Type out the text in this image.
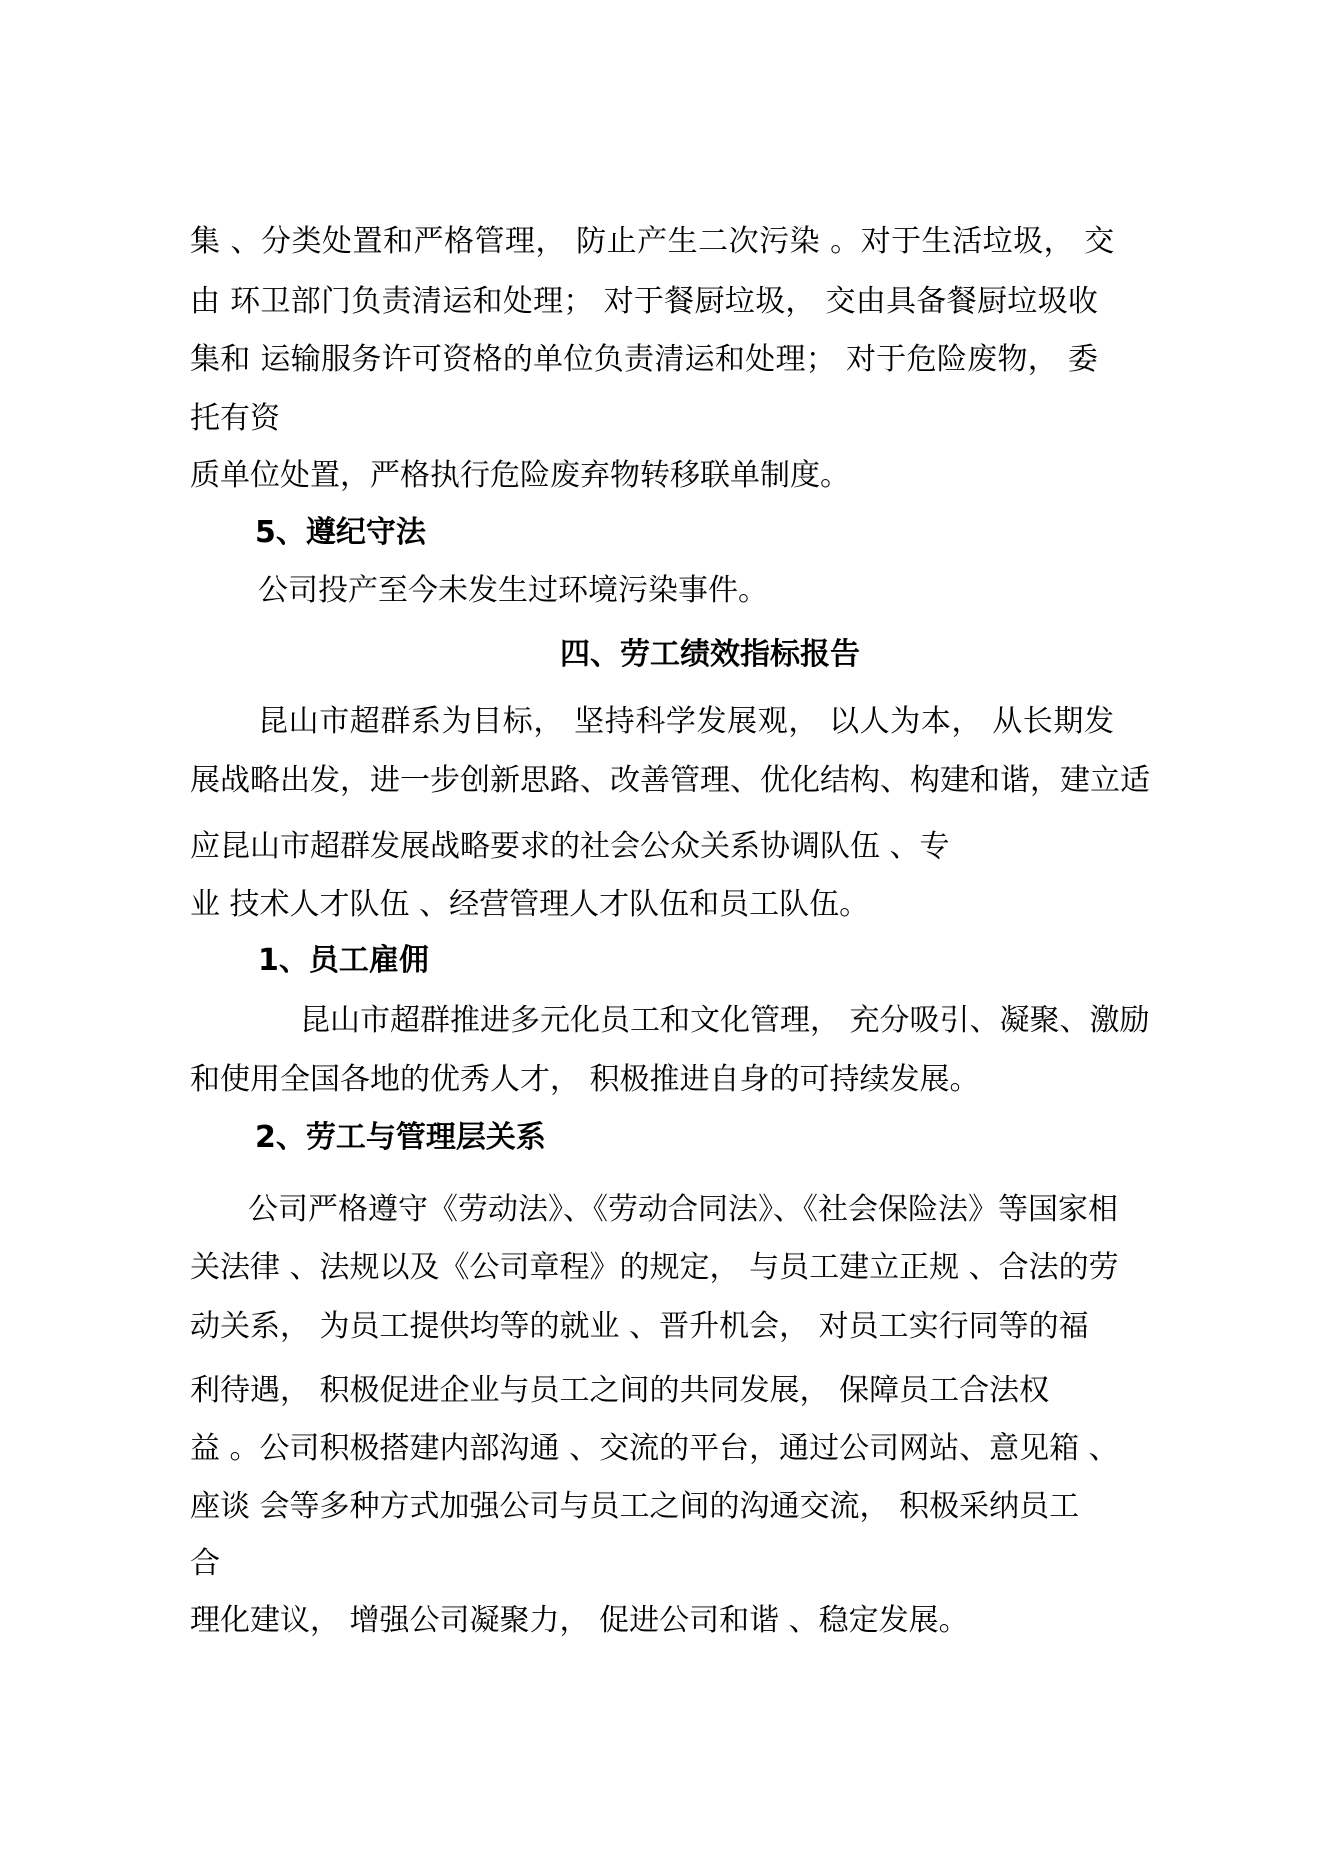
集 、分类处置和严格管理， 防止产生二次污染 。对于生活垃圾， 交

由 环卫部门负责清运和处理； 对于餐厨垃圾， 交由具备餐厨垃圾收

集和 运输服务许可资格的单位负责清运和处理； 对于危险废物， 委

托有资

质单位处置，严格执行危险废弃物转移联单制度。

5、遵纪守法

公司投产至今未发生过环境污染事件。

四、劳工绩效指标报告

昆山市超群系为目标， 坚持科学发展观， 以人为本， 从长期发

展战略出发，进一步创新思路、改善管理、优化结构、构建和谐，建立适

应昆山市超群发展战略要求的社会公众关系协调队伍 、专

业 技术人才队伍 、经营管理人才队伍和员工队伍。

1、员工雇佣

昆山市超群推进多元化员工和文化管理， 充分吸引、凝聚、激励

和使用全国各地的优秀人才， 积极推进自身的可持续发展。

2、劳工与管理层关系

公司严格遵守《劳动法》、《劳动合同法》、《社会保险法》等国家相

关法律 、法规以及《公司章程》的规定， 与员工建立正规 、合法的劳

动关系， 为员工提供均等的就业 、晋升机会， 对员工实行同等的福

利待遇， 积极促进企业与员工之间的共同发展， 保障员工合法权

益 。公司积极搭建内部沟通 、交流的平台，通过公司网站、意见箱 、

座谈 会等多种方式加强公司与员工之间的沟通交流， 积极采纳员工

合

理化建议， 增强公司凝聚力， 促进公司和谐 、稳定发展。
